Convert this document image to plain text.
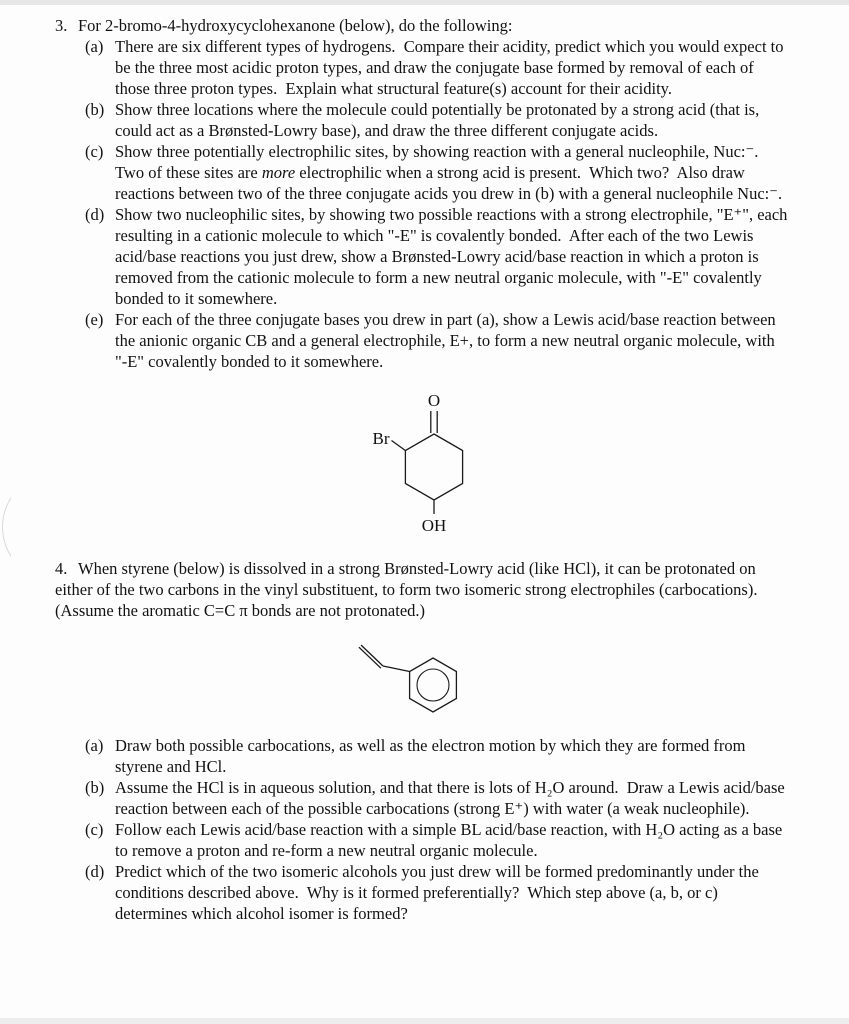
3. For 2-bromo-4-hydroxycyclohexanone (below), do the following:

(a) There are six different types of hydrogens.  Compare their acidity, predict which you would expect to be the three most acidic proton types, and draw the conjugate base formed by removal of each of those three proton types.  Explain what structural feature(s) account for their acidity.
(b) Show three locations where the molecule could potentially be protonated by a strong acid (that is, could act as a Brønsted-Lowry base), and draw the three different conjugate acids.
(c) Show three potentially electrophilic sites, by showing reaction with a general nucleophile, Nuc:⁻.  Two of these sites are more electrophilic when a strong acid is present.  Which two?  Also draw reactions between two of the three conjugate acids you drew in (b) with a general nucleophile Nuc:⁻.
(d) Show two nucleophilic sites, by showing two possible reactions with a strong electrophile, "E⁺", each resulting in a cationic molecule to which "-E" is covalently bonded.  After each of the two Lewis acid/base reactions you just drew, show a Brønsted-Lowry acid/base reaction in which a proton is removed from the cationic molecule to form a new neutral organic molecule, with "-E" covalently bonded to it somewhere.
(e) For each of the three conjugate bases you drew in part (a), show a Lewis acid/base reaction between the anionic organic CB and a general electrophile, E+, to form a new neutral organic molecule, with "-E" covalently bonded to it somewhere.
O
Br
OH

4. When styrene (below) is dissolved in a strong Brønsted-Lowry acid (like HCl), it can be protonated on either of the two carbons in the vinyl substituent, to form two isomeric strong electrophiles (carbocations).  (Assume the aromatic C=C π bonds are not protonated.)

(a) Draw both possible carbocations, as well as the electron motion by which they are formed from styrene and HCl.
(b) Assume the HCl is in aqueous solution, and that there is lots of H₂O around.  Draw a Lewis acid/base reaction between each of the possible carbocations (strong E⁺) with water (a weak nucleophile).
(c) Follow each Lewis acid/base reaction with a simple BL acid/base reaction, with H₂O acting as a base to remove a proton and re-form a new neutral organic molecule.
(d) Predict which of the two isomeric alcohols you just drew will be formed predominantly under the conditions described above.  Why is it formed preferentially?  Which step above (a, b, or c) determines which alcohol isomer is formed?
